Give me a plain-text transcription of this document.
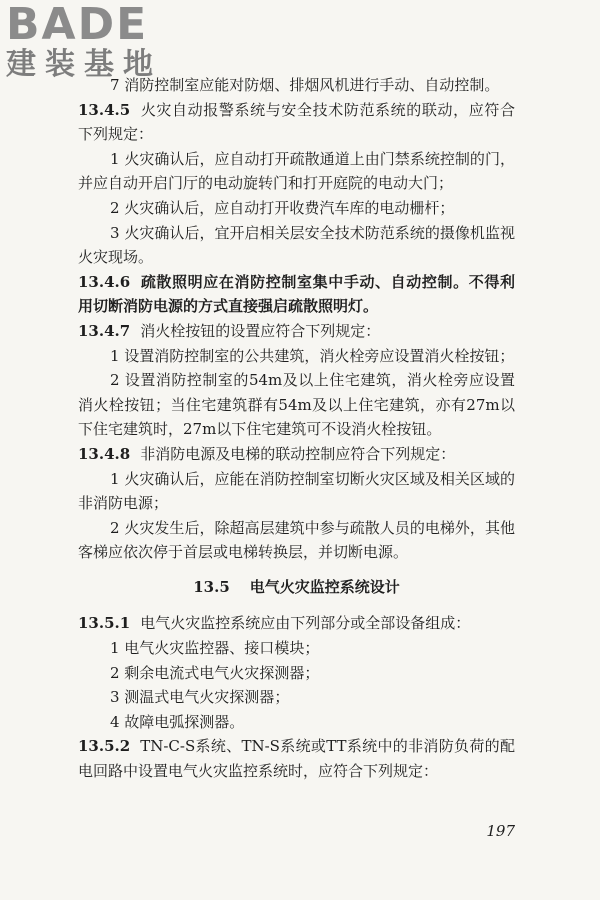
BADE
建装基地

7 消防控制室应能对防烟、排烟风机进行手动、自动控制。

13.4.5 火灾自动报警系统与安全技术防范系统的联动，应符合下列规定：

1 火灾确认后，应自动打开疏散通道上由门禁系统控制的门，并应自动开启门厅的电动旋转门和打开庭院的电动大门；

2 火灾确认后，应自动打开收费汽车库的电动栅杆；

3 火灾确认后，宜开启相关层安全技术防范系统的摄像机监视火灾现场。

13.4.6 疏散照明应在消防控制室集中手动、自动控制。不得利用切断消防电源的方式直接强启疏散照明灯。

13.4.7 消火栓按钮的设置应符合下列规定：

1 设置消防控制室的公共建筑，消火栓旁应设置消火栓按钮；

2 设置消防控制室的54m及以上住宅建筑，消火栓旁应设置消火栓按钮；当住宅建筑群有54m及以上住宅建筑，亦有27m以下住宅建筑时，27m以下住宅建筑可不设消火栓按钮。

13.4.8 非消防电源及电梯的联动控制应符合下列规定：

1 火灾确认后，应能在消防控制室切断火灾区域及相关区域的非消防电源；

2 火灾发生后，除超高层建筑中参与疏散人员的电梯外，其他客梯应依次停于首层或电梯转换层，并切断电源。

13.5 电气火灾监控系统设计

13.5.1 电气火灾监控系统应由下列部分或全部设备组成：

1 电气火灾监控器、接口模块；

2 剩余电流式电气火灾探测器；

3 测温式电气火灾探测器；

4 故障电弧探测器。

13.5.2 TN-C-S系统、TN-S系统或TT系统中的非消防负荷的配电回路中设置电气火灾监控系统时，应符合下列规定：

197
